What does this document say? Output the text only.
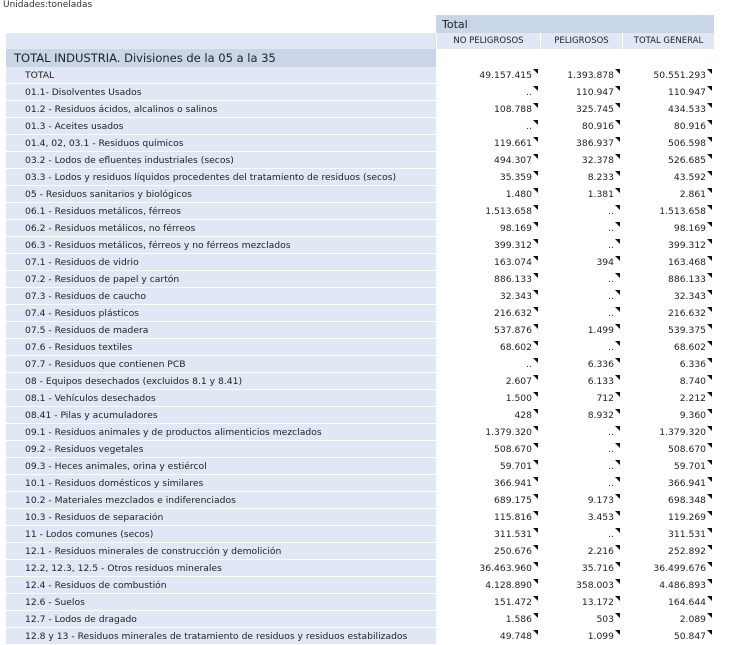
Unidades:toneladas
	Total		
	NO PELIGROSOS	PELIGROSOS	TOTAL GENERAL
TOTAL INDUSTRIA. Divisiones de la 05 a la 35			
TOTAL	49.157.415	1.393.878	50.551.293
01.1- Disolventes Usados	..	110.947	110.947
01.2 - Residuos ácidos, alcalinos o salinos	108.788	325.745	434.533
01.3 - Aceites usados	..	80.916	80.916
01.4, 02, 03.1 - Residuos químicos	119.661	386.937	506.598
03.2 - Lodos de efluentes industriales (secos)	494.307	32.378	526.685
03.3 - Lodos y residuos líquidos procedentes del tratamiento de residuos (secos)	35.359	8.233	43.592
05 - Residuos sanitarios y biológicos	1.480	1.381	2.861
06.1 - Residuos metálicos, férreos	1.513.658	..	1.513.658
06.2 - Residuos metálicos, no férreos	98.169	..	98.169
06.3 - Residuos metálicos, férreos y no férreos mezclados	399.312	..	399.312
07.1 - Residuos de vidrio	163.074	394	163.468
07.2 - Residuos de papel y cartón	886.133	..	886.133
07.3 - Residuos de caucho	32.343	..	32.343
07.4 - Residuos plásticos	216.632	..	216.632
07.5 - Residuos de madera	537.876	1.499	539.375
07.6 - Residuos textiles	68.602	..	68.602
07.7 - Residuos que contienen PCB	..	6.336	6.336
08 - Equipos desechados (excluidos 8.1 y 8.41)	2.607	6.133	8.740
08.1 - Vehículos desechados	1.500	712	2.212
08.41 - Pilas y acumuladores	428	8.932	9.360
09.1 - Residuos animales y de productos alimenticios mezclados	1.379.320	..	1.379.320
09.2 - Residuos vegetales	508.670	..	508.670
09.3 - Heces animales, orina y estiércol	59.701	..	59.701
10.1 - Residuos domésticos y similares	366.941	..	366.941
10.2 - Materiales mezclados e indiferenciados	689.175	9.173	698.348
10.3 - Residuos de separación	115.816	3.453	119.269
11 - Lodos comunes (secos)	311.531	..	311.531
12.1 - Residuos minerales de construcción y demolición	250.676	2.216	252.892
12.2, 12.3, 12.5 - Otros residuos minerales	36.463.960	35.716	36.499.676
12.4 - Residuos de combustión	4.128.890	358.003	4.486.893
12.6 - Suelos	151.472	13.172	164.644
12.7 - Lodos de dragado	1.586	503	2.089
12.8 y 13 - Residuos minerales de tratamiento de residuos y residuos estabilizados	49.748	1.099	50.847
